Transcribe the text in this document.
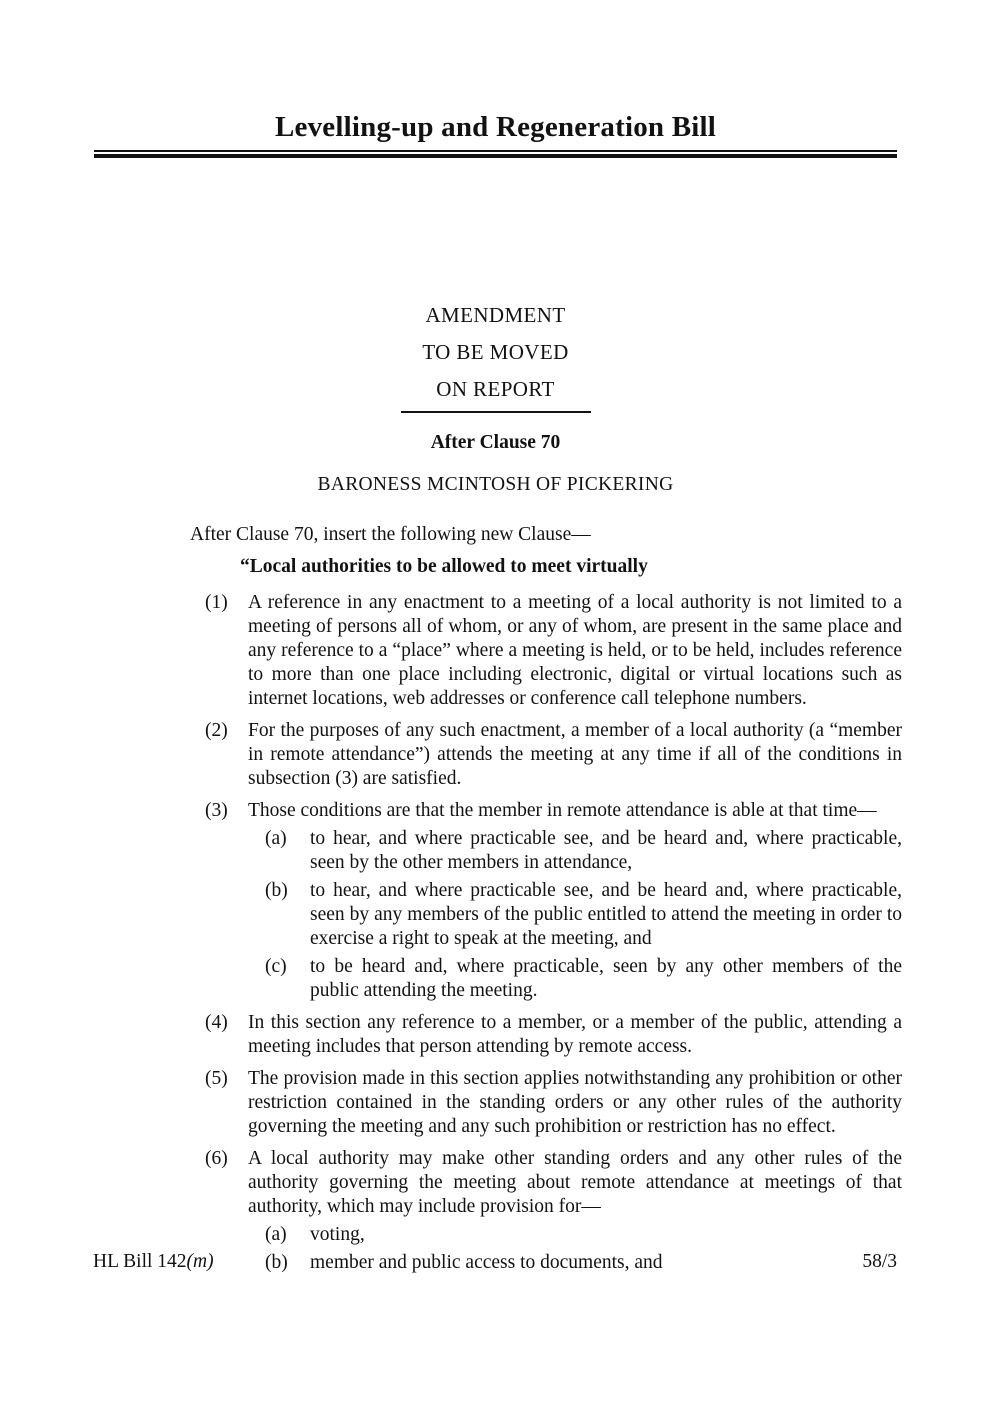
Levelling-up and Regeneration Bill
AMENDMENT
TO BE MOVED
ON REPORT
After Clause 70
BARONESS MCINTOSH OF PICKERING

After Clause 70, insert the following new Clause—

“Local authorities to be allowed to meet virtually

(1) A reference in any enactment to a meeting of a local authority is not limited to a meeting of persons all of whom, or any of whom, are present in the same place and any reference to a “place” where a meeting is held, or to be held, includes reference to more than one place including electronic, digital or virtual locations such as internet locations, web addresses or conference call telephone numbers.
(2) For the purposes of any such enactment, a member of a local authority (a “member in remote attendance”) attends the meeting at any time if all of the conditions in subsection (3) are satisfied.
(3) Those conditions are that the member in remote attendance is able at that time—
(a) to hear, and where practicable see, and be heard and, where practicable, seen by the other members in attendance,
(b) to hear, and where practicable see, and be heard and, where practicable, seen by any members of the public entitled to attend the meeting in order to exercise a right to speak at the meeting, and
(c) to be heard and, where practicable, seen by any other members of the public attending the meeting.
(4) In this section any reference to a member, or a member of the public, attending a meeting includes that person attending by remote access.
(5) The provision made in this section applies notwithstanding any prohibition or other restriction contained in the standing orders or any other rules of the authority governing the meeting and any such prohibition or restriction has no effect.
(6) A local authority may make other standing orders and any other rules of the authority governing the meeting about remote attendance at meetings of that authority, which may include provision for—
(a) voting,
(b) member and public access to documents, and
HL Bill 142(m)	58/3
